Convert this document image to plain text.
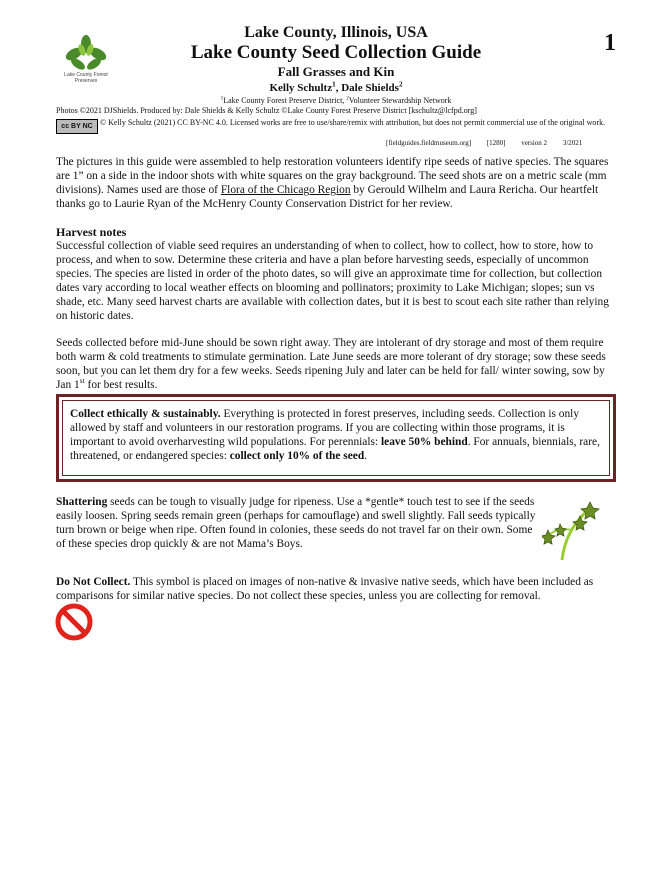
1
Lake County Forest Preserves
Lake County, Illinois, USA
Lake County Seed Collection Guide
Fall Grasses and Kin
Kelly Schultz$^1$, Dale Shields$^2$
$^1$Lake County Forest Preserve District, $^2$Volunteer Stewardship Network
Photos ©2021 DJShields. Produced by: Dale Shields & Kelly Schultz ©Lake County Forest Preserve District [kschultz@lcfpd.org]
cc BY NC © Kelly Schultz (2021) CC BY-NC 4.0. Licensed works are free to use/share/remix with attribution, but does not permit commercial use of the original work.
[fieldguides.fieldmuseum.org] [1280] version 2 3/2021
The pictures in this guide were assembled to help restoration volunteers identify ripe seeds of native species. The squares are 1” on a side in the indoor shots with white squares on the gray background. The seed shots are on a metric scale (mm divisions). Names used are those of Flora of the Chicago Region by Gerould Wilhelm and Laura Rericha. Our heartfelt thanks go to Laurie Ryan of the McHenry County Conservation District for her review.
Harvest notes
Successful collection of viable seed requires an understanding of when to collect, how to collect, how to store, how to process, and when to sow. Determine these criteria and have a plan before harvesting seeds, especially of uncommon species. The species are listed in order of the photo dates, so will give an approximate time for collection, but collection dates vary according to local weather effects on blooming and pollinators; proximity to Lake Michigan; slopes; sun vs shade, etc. Many seed harvest charts are available with collection dates, but it is best to scout each site rather than relying on historic dates.
Seeds collected before mid-June should be sown right away. They are intolerant of dry storage and most of them require both warm & cold treatments to stimulate germination. Late June seeds are more tolerant of dry storage; sow these seeds soon, but you can let them dry for a few weeks. Seeds ripening July and later can be held for fall/ winter sowing, sow by Jan 1st for best results.
Collect ethically & sustainably. Everything is protected in forest preserves, including seeds. Collection is only allowed by staff and volunteers in our restoration programs. If you are collecting within those programs, it is important to avoid overharvesting wild populations. For perennials: leave 50% behind. For annuals, biennials, rare, threatened, or endangered species: collect only 10% of the seed.
Shattering seeds can be tough to visually judge for ripeness. Use a *gentle* touch test to see if the seeds easily loosen. Spring seeds remain green (perhaps for camouflage) and swell slightly. Fall seeds typically turn brown or beige when ripe. Often found in colonies, these seeds do not travel far on their own. Some of these species drop quickly & are not Mama’s Boys.
Do Not Collect. This symbol is placed on images of non-native & invasive native seeds, which have been included as comparisons for similar native species. Do not collect these species, unless you are collecting for removal.
